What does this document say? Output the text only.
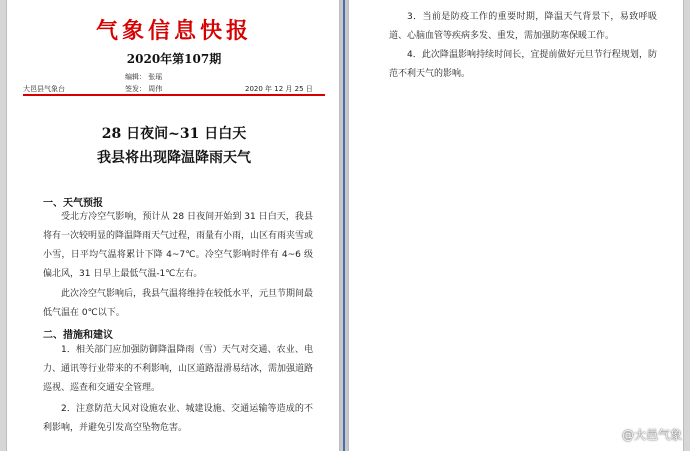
气象信息快报
2020年第107期
编辑： 张瑶
签发： 周伟
大邑县气象台	2020 年 12 月 25 日
28 日夜间~31 日白天
我县将出现降温降雨天气
一、天气预报
受北方冷空气影响，预计从 28 日夜间开始到 31 日白天，我县将有一次较明显的降温降雨天气过程，雨量有小雨，山区有雨夹雪或小雪，日平均气温将累计下降 4~7℃。冷空气影响时伴有 4~6 级偏北风，31 日早上最低气温-1℃左右。
此次冷空气影响后，我县气温将维持在较低水平，元旦节期间最低气温在 0℃以下。
二、措施和建议
1．相关部门应加强防御降温降雨（雪）天气对交通、农业、电力、通讯等行业带来的不利影响，山区道路湿滑易结冰，需加强道路巡视、巡查和交通安全管理。
2．注意防范大风对设施农业、城建设施、交通运输等造成的不利影响，并避免引发高空坠物危害。
3．当前是防疫工作的重要时期，降温天气背景下，易致呼吸道、心脑血管等疾病多发、重发，需加强防寒保暖工作。
4．此次降温影响持续时间长，宜提前做好元旦节行程规划，防范不利天气的影响。
@大邑气象
